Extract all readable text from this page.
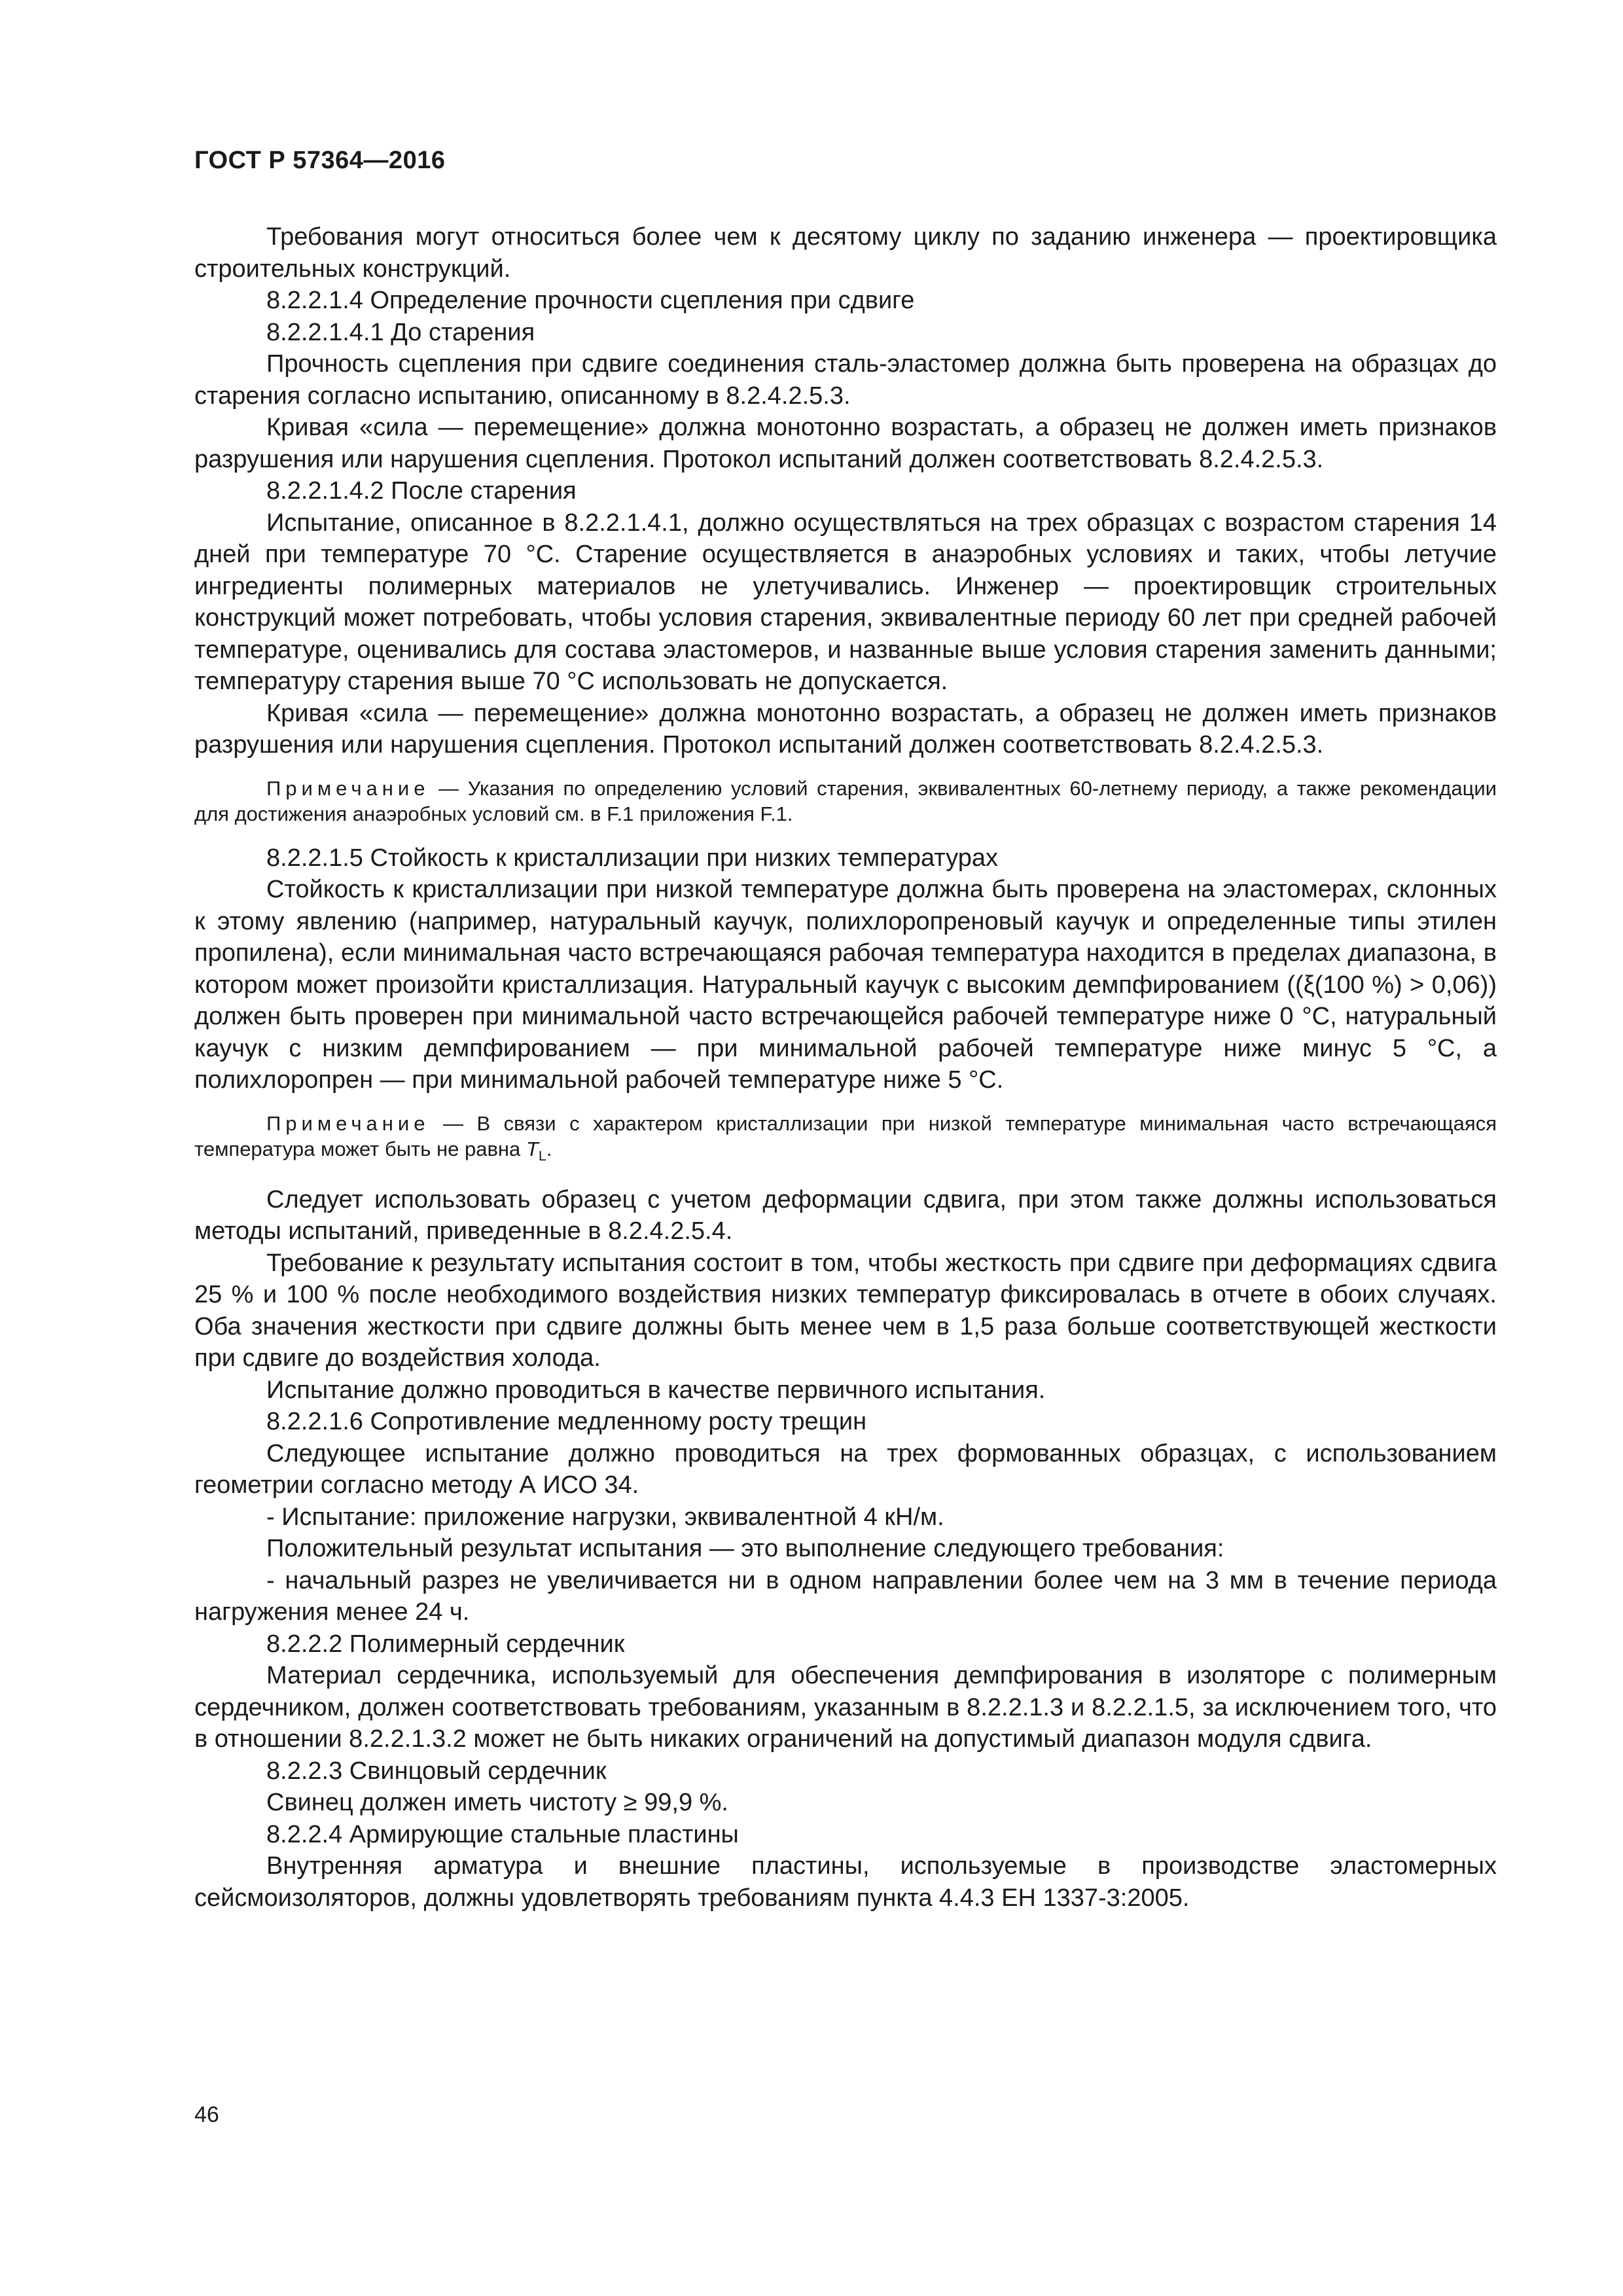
ГОСТ Р 57364—2016

Требования могут относиться более чем к десятому циклу по заданию инженера — проектировщика строительных конструкций.

8.2.2.1.4 Определение прочности сцепления при сдвиге

8.2.2.1.4.1 До старения

Прочность сцепления при сдвиге соединения сталь-эластомер должна быть проверена на образцах до старения согласно испытанию, описанному в 8.2.4.2.5.3.

Кривая «сила — перемещение» должна монотонно возрастать, а образец не должен иметь признаков разрушения или нарушения сцепления. Протокол испытаний должен соответствовать 8.2.4.2.5.3.

8.2.2.1.4.2 После старения

Испытание, описанное в 8.2.2.1.4.1, должно осуществляться на трех образцах с возрастом старения 14 дней при температуре 70 °С. Старение осуществляется в анаэробных условиях и таких, чтобы летучие ингредиенты полимерных материалов не улетучивались. Инженер — проектировщик строительных конструкций может потребовать, чтобы условия старения, эквивалентные периоду 60 лет при средней рабочей температуре, оценивались для состава эластомеров, и названные выше условия старения заменить данными; температуру старения выше 70 °С использовать не допускается.

Кривая «сила — перемещение» должна монотонно возрастать, а образец не должен иметь признаков разрушения или нарушения сцепления. Протокол испытаний должен соответствовать 8.2.4.2.5.3.

Примечание — Указания по определению условий старения, эквивалентных 60-летнему периоду, а также рекомендации для достижения анаэробных условий см. в F.1 приложения F.1.

8.2.2.1.5 Стойкость к кристаллизации при низких температурах

Стойкость к кристаллизации при низкой температуре должна быть проверена на эластомерах, склонных к этому явлению (например, натуральный каучук, полихлоропреновый каучук и определенные типы этилен пропилена), если минимальная часто встречающаяся рабочая температура находится в пределах диапазона, в котором может произойти кристаллизация. Натуральный каучук с высоким демпфированием ((ξ(100 %) > 0,06)) должен быть проверен при минимальной часто встречающейся рабочей температуре ниже 0 °С, натуральный каучук с низким демпфированием — при минимальной рабочей температуре ниже минус 5 °С, а полихлоропрен — при минимальной рабочей температуре ниже 5 °С.

Примечание — В связи с характером кристаллизации при низкой температуре минимальная часто встречающаяся температура может быть не равна $T_L$.

Следует использовать образец с учетом деформации сдвига, при этом также должны использоваться методы испытаний, приведенные в 8.2.4.2.5.4.

Требование к результату испытания состоит в том, чтобы жесткость при сдвиге при деформациях сдвига 25 % и 100 % после необходимого воздействия низких температур фиксировалась в отчете в обоих случаях. Оба значения жесткости при сдвиге должны быть менее чем в 1,5 раза больше соответствующей жесткости при сдвиге до воздействия холода.

Испытание должно проводиться в качестве первичного испытания.

8.2.2.1.6 Сопротивление медленному росту трещин

Следующее испытание должно проводиться на трех формованных образцах, с использованием геометрии согласно методу А ИСО 34.

- Испытание: приложение нагрузки, эквивалентной 4 кН/м.

Положительный результат испытания — это выполнение следующего требования:

- начальный разрез не увеличивается ни в одном направлении более чем на 3 мм в течение периода нагружения менее 24 ч.

8.2.2.2 Полимерный сердечник

Материал сердечника, используемый для обеспечения демпфирования в изоляторе с полимерным сердечником, должен соответствовать требованиям, указанным в 8.2.2.1.3 и 8.2.2.1.5, за исключением того, что в отношении 8.2.2.1.3.2 может не быть никаких ограничений на допустимый диапазон модуля сдвига.

8.2.2.3 Свинцовый сердечник

Свинец должен иметь чистоту ≥ 99,9 %.

8.2.2.4 Армирующие стальные пластины

Внутренняя арматура и внешние пластины, используемые в производстве эластомерных сейсмоизоляторов, должны удовлетворять требованиям пункта 4.4.3 ЕН 1337-3:2005.

46
